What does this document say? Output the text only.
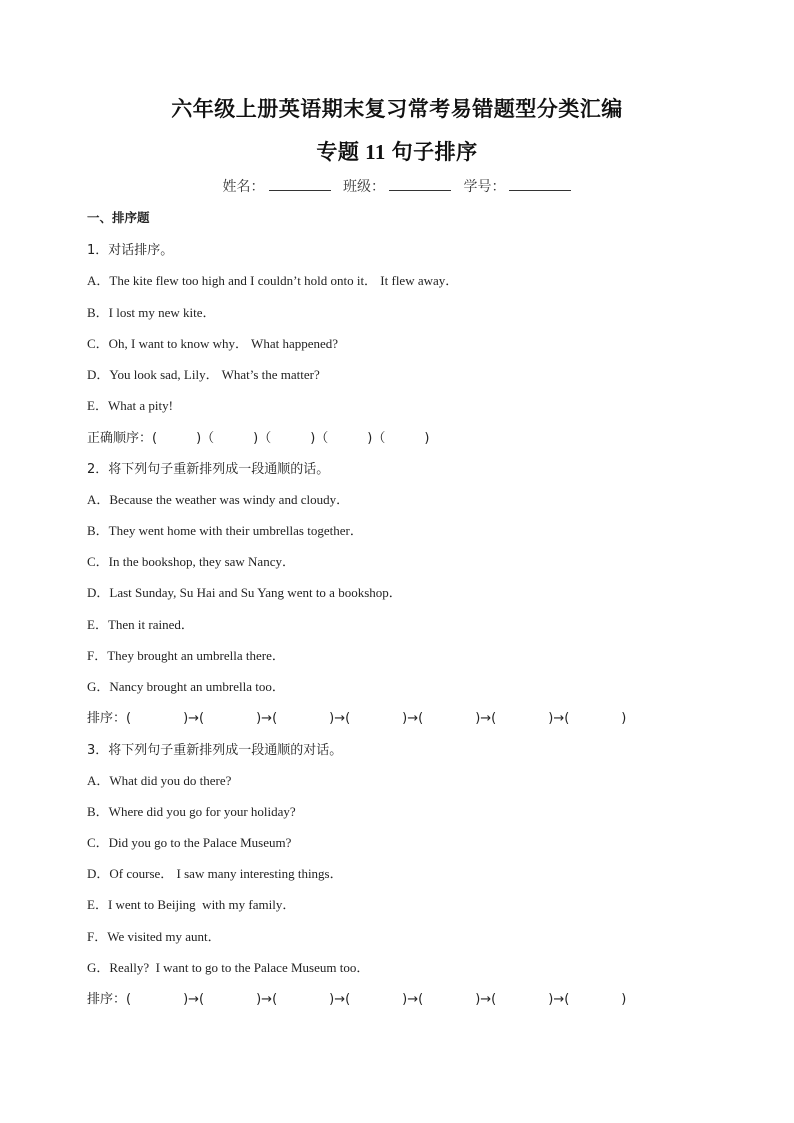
六年级上册英语期末复习常考易错题型分类汇编
专题 11 句子排序
姓名：	班级：	学号：
一、排序题
1．对话排序。
A．The kite flew too high and I couldn’t hold onto it． It flew away．
B．I lost my new kite．
C．Oh, I want to know why． What happened?
D．You look sad, Lily． What’s the matter?
E．What a pity!
正确顺序：(　　　)（　　　)（　　　)（　　　)（　　　)
2．将下列句子重新排列成一段通顺的话。
A．Because the weather was windy and cloudy．
B．They went home with their umbrellas together．
C．In the bookshop, they saw Nancy．
D．Last Sunday, Su Hai and Su Yang went to a bookshop．
E．Then it rained．
F．They brought an umbrella there．
G．Nancy brought an umbrella too．
排序：(　　　　)→(　　　　)→(　　　　)→(　　　　)→(　　　　)→(　　　　)→(　　　　)
3．将下列句子重新排列成一段通顺的对话。
A．What did you do there?
B．Where did you go for your holiday?
C．Did you go to the Palace Museum?
D．Of course． I saw many interesting things．
E．I went to Beijing  with my family．
F．We visited my aunt．
G．Really?  I want to go to the Palace Museum too．
排序：(　　　　)→(　　　　)→(　　　　)→(　　　　)→(　　　　)→(　　　　)→(　　　　)
